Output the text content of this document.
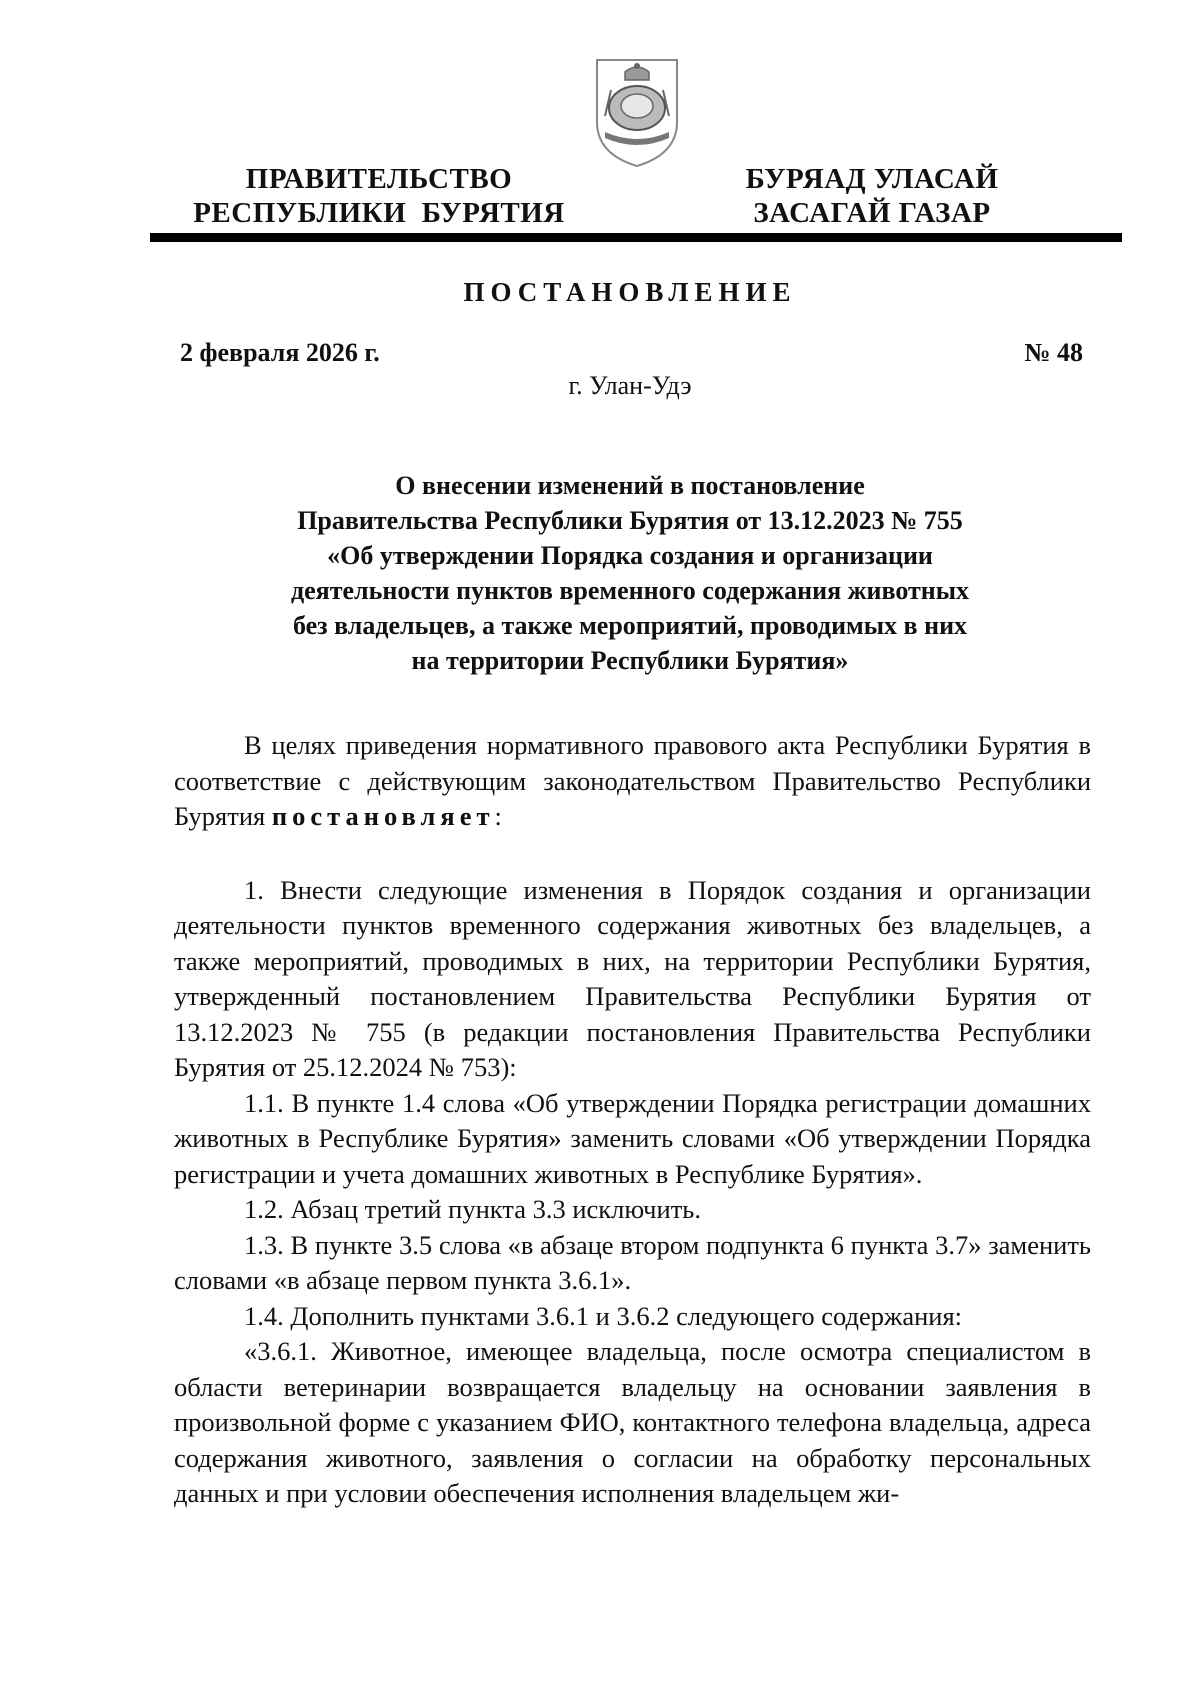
ПРАВИТЕЛЬСТВО
РЕСПУБЛИКИ  БУРЯТИЯ
БУРЯАД УЛАСАЙ
ЗАСАГАЙ ГАЗАР
ПОСТАНОВЛЕНИЕ
2 февраля 2026 г.	№ 48
г. Улан-Удэ
О внесении изменений в постановление
Правительства Республики Бурятия от 13.12.2023 № 755
«Об утверждении Порядка создания и организации
деятельности пунктов временного содержания животных
без владельцев, а также мероприятий, проводимых в них
на территории Республики Бурятия»

В целях приведения нормативного правового акта Республики Бурятия в соответствие с действующим законодательством Правительство Республики Бурятия постановляет:

1. Внести следующие изменения в Порядок создания и организации деятельности пунктов временного содержания животных без владельцев, а также мероприятий, проводимых в них, на территории Республики Бурятия, утвержденный постановлением Правительства Республики Бурятия от 13.12.2023 № 755 (в редакции постановления Правительства Республики Бурятия от 25.12.2024 № 753):

1.1. В пункте 1.4 слова «Об утверждении Порядка регистрации домашних животных в Республике Бурятия» заменить словами «Об утверждении Порядка регистрации и учета домашних животных в Республике Бурятия».

1.2. Абзац третий пункта 3.3 исключить.

1.3. В пункте 3.5 слова «в абзаце втором подпункта 6 пункта 3.7» заменить словами «в абзаце первом пункта 3.6.1».

1.4. Дополнить пунктами 3.6.1 и 3.6.2 следующего содержания:

«3.6.1. Животное, имеющее владельца, после осмотра специалистом в области ветеринарии возвращается владельцу на основании заявления в произвольной форме с указанием ФИО, контактного телефона владельца, адреса содержания животного, заявления о согласии на обработку персональных данных и при условии обеспечения исполнения владельцем жи-
